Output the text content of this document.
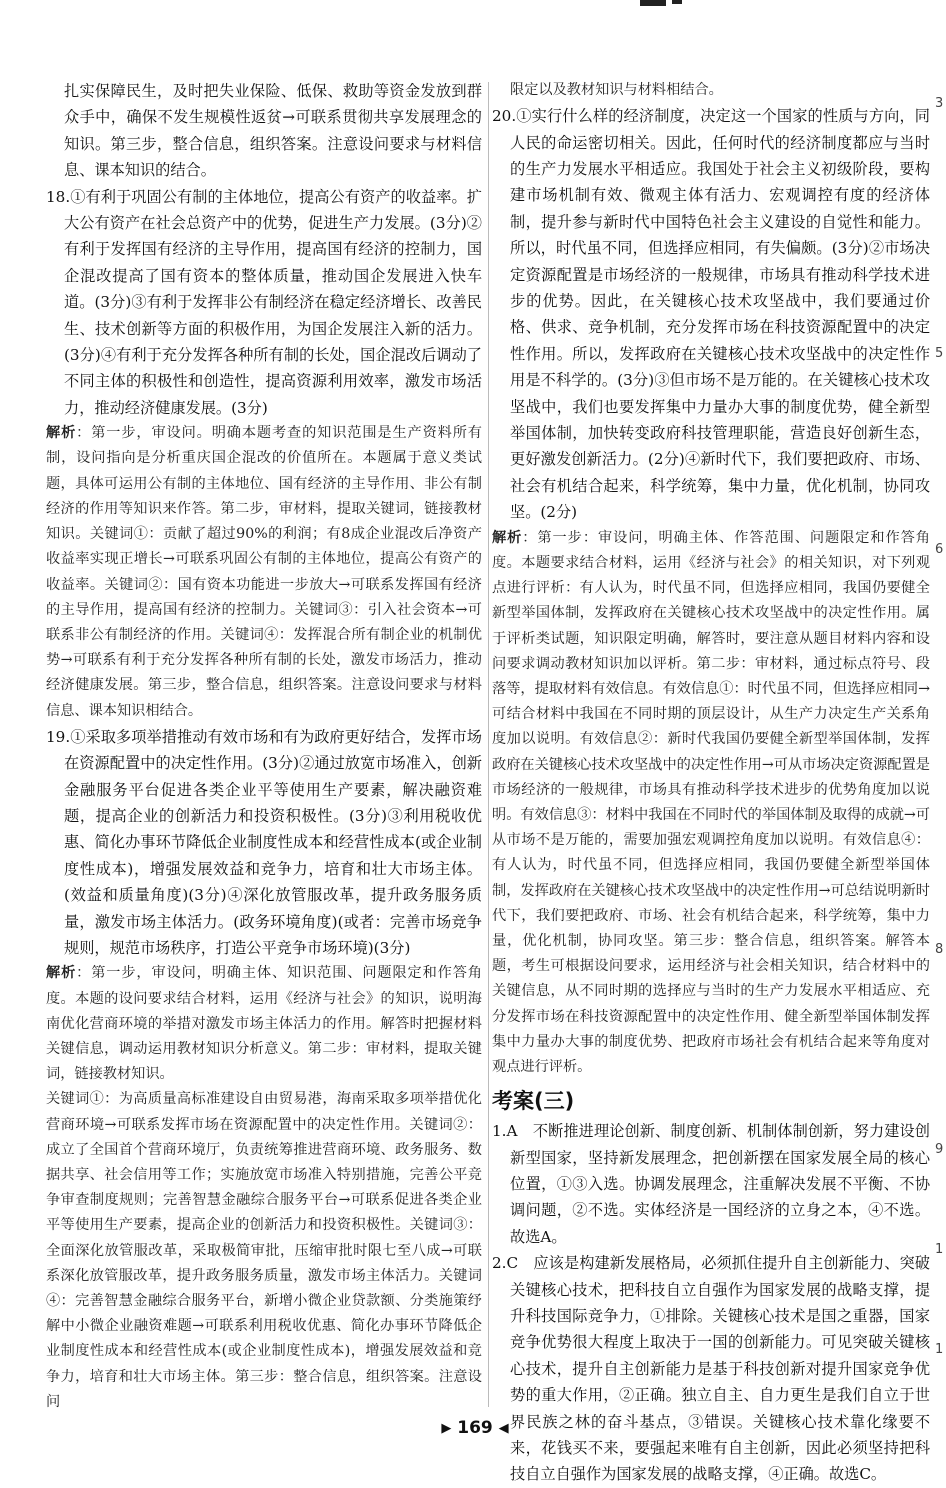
扎实保障民生，及时把失业保险、低保、救助等资金发放到群众手中，确保不发生规模性返贫→可联系贯彻共享发展理念的知识。第三步，整合信息，组织答案。注意设问要求与材料信息、课本知识的结合。

18.①有利于巩固公有制的主体地位，提高公有资产的收益率。扩大公有资产在社会总资产中的优势，促进生产力发展。(3分)②有利于发挥国有经济的主导作用，提高国有经济的控制力，国企混改提高了国有资本的整体质量，推动国企发展进入快车道。(3分)③有利于发挥非公有制经济在稳定经济增长、改善民生、技术创新等方面的积极作用，为国企发展注入新的活力。(3分)④有利于充分发挥各种所有制的长处，国企混改后调动了不同主体的积极性和创造性，提高资源利用效率，激发市场活力，推动经济健康发展。(3分)

解析：第一步，审设问。明确本题考查的知识范围是生产资料所有制，设问指向是分析重庆国企混改的价值所在。本题属于意义类试题，具体可运用公有制的主体地位、国有经济的主导作用、非公有制经济的作用等知识来作答。第二步，审材料，提取关键词，链接教材知识。关键词①：贡献了超过90%的利润；有8成企业混改后净资产收益率实现正增长→可联系巩固公有制的主体地位，提高公有资产的收益率。关键词②：国有资本功能进一步放大→可联系发挥国有经济的主导作用，提高国有经济的控制力。关键词③：引入社会资本→可联系非公有制经济的作用。关键词④：发挥混合所有制企业的机制优势→可联系有利于充分发挥各种所有制的长处，激发市场活力，推动经济健康发展。第三步，整合信息，组织答案。注意设问要求与材料信息、课本知识相结合。

19.①采取多项举措推动有效市场和有为政府更好结合，发挥市场在资源配置中的决定性作用。(3分)②通过放宽市场准入，创新金融服务平台促进各类企业平等使用生产要素，解决融资难题，提高企业的创新活力和投资积极性。(3分)③利用税收优惠、简化办事环节降低企业制度性成本和经营性成本(或企业制度性成本)，增强发展效益和竞争力，培育和壮大市场主体。(效益和质量角度)(3分)④深化放管服改革，提升政务服务质量，激发市场主体活力。(政务环境角度)(或者：完善市场竞争规则，规范市场秩序，打造公平竞争市场环境)(3分)

解析：第一步，审设问，明确主体、知识范围、问题限定和作答角度。本题的设问要求结合材料，运用《经济与社会》的知识，说明海南优化营商环境的举措对激发市场主体活力的作用。解答时把握材料关键信息，调动运用教材知识分析意义。第二步：审材料，提取关键词，链接教材知识。

关键词①：为高质量高标准建设自由贸易港，海南采取多项举措优化营商环境→可联系发挥市场在资源配置中的决定性作用。关键词②：成立了全国首个营商环境厅，负责统筹推进营商环境、政务服务、数据共享、社会信用等工作；实施放宽市场准入特别措施，完善公平竞争审查制度规则；完善智慧金融综合服务平台→可联系促进各类企业平等使用生产要素，提高企业的创新活力和投资积极性。关键词③：全面深化放管服改革，采取极简审批，压缩审批时限七至八成→可联系深化放管服改革，提升政务服务质量，激发市场主体活力。关键词④：完善智慧金融综合服务平台，新增小微企业贷款额、分类施策纾解中小微企业融资难题→可联系利用税收优惠、简化办事环节降低企业制度性成本和经营性成本(或企业制度性成本)，增强发展效益和竞争力，培育和壮大市场主体。第三步：整合信息，组织答案。注意设问

限定以及教材知识与材料相结合。

20.①实行什么样的经济制度，决定这一个国家的性质与方向，同人民的命运密切相关。因此，任何时代的经济制度都应与当时的生产力发展水平相适应。我国处于社会主义初级阶段，要构建市场机制有效、微观主体有活力、宏观调控有度的经济体制，提升参与新时代中国特色社会主义建设的自觉性和能力。所以，时代虽不同，但选择应相同，有失偏颇。(3分)②市场决定资源配置是市场经济的一般规律，市场具有推动科学技术进步的优势。因此，在关键核心技术攻坚战中，我们要通过价格、供求、竞争机制，充分发挥市场在科技资源配置中的决定性作用。所以，发挥政府在关键核心技术攻坚战中的决定性作用是不科学的。(3分)③但市场不是万能的。在关键核心技术攻坚战中，我们也要发挥集中力量办大事的制度优势，健全新型举国体制，加快转变政府科技管理职能，营造良好创新生态，更好激发创新活力。(2分)④新时代下，我们要把政府、市场、社会有机结合起来，科学统筹，集中力量，优化机制，协同攻坚。(2分)

解析：第一步：审设问，明确主体、作答范围、问题限定和作答角度。本题要求结合材料，运用《经济与社会》的相关知识，对下列观点进行评析：有人认为，时代虽不同，但选择应相同，我国仍要健全新型举国体制，发挥政府在关键核心技术攻坚战中的决定性作用。属于评析类试题，知识限定明确，解答时，要注意从题目材料内容和设问要求调动教材知识加以评析。第二步：审材料，通过标点符号、段落等，提取材料有效信息。有效信息①：时代虽不同，但选择应相同→可结合材料中我国在不同时期的顶层设计，从生产力决定生产关系角度加以说明。有效信息②：新时代我国仍要健全新型举国体制，发挥政府在关键核心技术攻坚战中的决定性作用→可从市场决定资源配置是市场经济的一般规律，市场具有推动科学技术进步的优势角度加以说明。有效信息③：材料中我国在不同时代的举国体制及取得的成就→可从市场不是万能的，需要加强宏观调控角度加以说明。有效信息④：有人认为，时代虽不同，但选择应相同，我国仍要健全新型举国体制，发挥政府在关键核心技术攻坚战中的决定性作用→可总结说明新时代下，我们要把政府、市场、社会有机结合起来，科学统筹，集中力量，优化机制，协同攻坚。第三步：整合信息，组织答案。解答本题，考生可根据设问要求，运用经济与社会相关知识，结合材料中的关键信息，从不同时期的选择应与当时的生产力发展水平相适应、充分发挥市场在科技资源配置中的决定性作用、健全新型举国体制发挥集中力量办大事的制度优势、把政府市场社会有机结合起来等角度对观点进行评析。

考案(三)

1.A　不断推进理论创新、制度创新、机制体制创新，努力建设创新型国家，坚持新发展理念，把创新摆在国家发展全局的核心位置，①③入选。协调发展理念，注重解决发展不平衡、不协调问题，②不选。实体经济是一国经济的立身之本，④不选。故选A。

2.C　应该是构建新发展格局，必须抓住提升自主创新能力、突破关键核心技术，把科技自立自强作为国家发展的战略支撑，提升科技国际竞争力，①排除。关键核心技术是国之重器，国家竞争优势很大程度上取决于一国的创新能力。可见突破关键核心技术，提升自主创新能力是基于科技创新对提升国家竞争优势的重大作用，②正确。独立自主、自力更生是我们自立于世界民族之林的奋斗基点，③错误。关键核心技术靠化缘要不来，花钱买不来，要强起来唯有自主创新，因此必须坚持把科技自立自强作为国家发展的战略支撑，④正确。故选C。

3
5
6
8
9
1
1
▶ 169 ◀
